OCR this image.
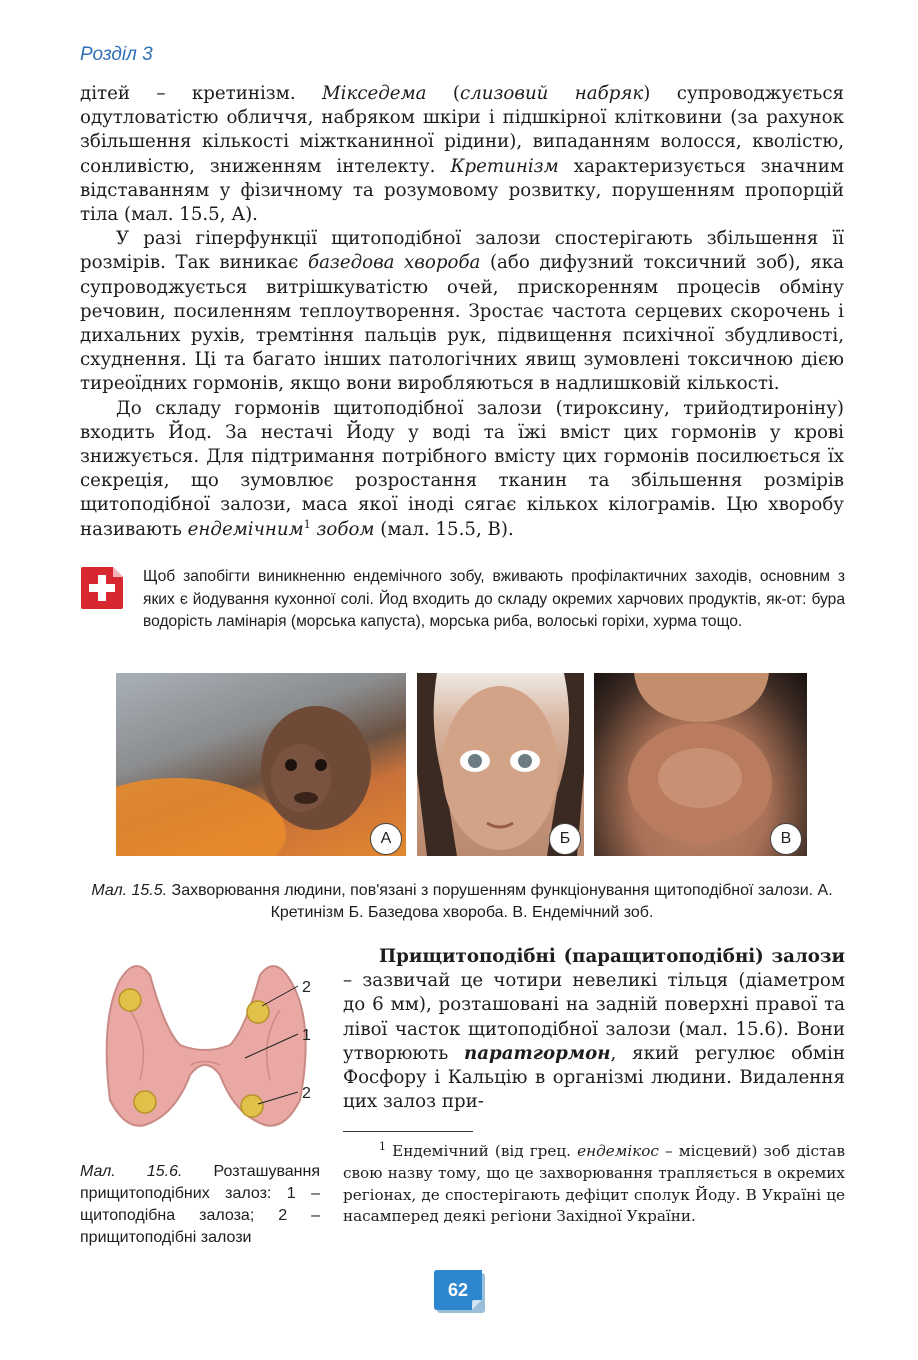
Розділ 3

дітей – кретинізм. Мікседема (слизовий набряк) супроводжується одутловатістю обличчя, набряком шкіри і підшкірної клітковини (за рахунок збільшення кількості міжтканинної рідини), випаданням волосся, кволістю, сонливістю, зниженням інтелекту. Кретинізм характеризується значним відставанням у фізичному та розумовому розвитку, порушенням пропорцій тіла (мал. 15.5, А).

У разі гіперфункції щитоподібної залози спостерігають збільшення її розмірів. Так виникає базедова хвороба (або дифузний токсичний зоб), яка супроводжується витрішкуватістю очей, прискоренням процесів обміну речовин, посиленням теплоутворення. Зростає частота серцевих скорочень і дихальних рухів, тремтіння пальців рук, підвищення психічної збудливості, схуднення. Ці та багато інших патологічних явищ зумовлені токсичною дією тиреоїдних гормонів, якщо вони виробляються в надлишковій кількості.

До складу гормонів щитоподібної залози (тироксину, трийодтироніну) входить Йод. За нестачі Йоду у воді та їжі вміст цих гормонів у крові знижується. Для підтримання потрібного вмісту цих гормонів посилюється їх секреція, що зумовлює розростання тканин та збільшення розмірів щитоподібної залози, маса якої іноді сягає кількох кілограмів. Цю хворобу називають ендемічним$^1$ зобом (мал. 15.5, В).

Щоб запобігти виникненню ендемічного зобу, вживають профілактичних заходів, основним з яких є йодування кухонної солі. Йод входить до складу окремих харчових продуктів, як-от: бура водорість ламінарія (морська капуста), морська риба, волоські горіхи, хурма тощо.
А	Б	В
Мал. 15.5. Захворювання людини, пов'язані з порушенням функціонування щитоподібної залози. А. Кретинізм Б. Базедова хвороба. В. Ендемічний зоб.
2
1
2
Мал. 15.6. Розташування прищитоподібних залоз: 1 – щитоподібна залоза; 2 – прищитоподібні залози

Прищитоподібні (паращитоподібні) залози – зазвичай це чотири невеликі тільця (діаметром до 6 мм), розташовані на задній поверхні правої та лівої часток щитоподібної залози (мал. 15.6). Вони утворюють паратгормон, який регулює обмін Фосфору і Кальцію в організмі людини. Видалення цих залоз при-

$^1$ Ендемічний (від грец. ендемікос – місцевий) зоб дістав свою назву тому, що це захворювання трапляється в окремих регіонах, де спостерігають дефіцит сполук Йоду. В Україні це насамперед деякі регіони Західної України.

62
